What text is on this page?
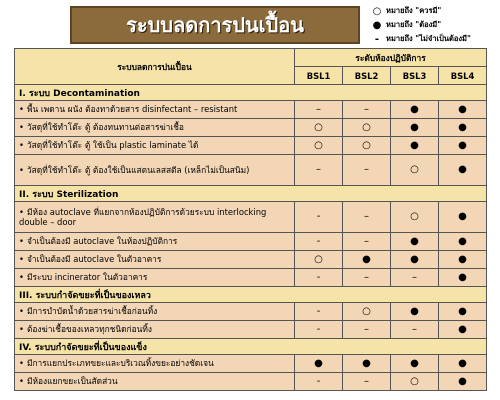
ระบบลดการปนเปื้อน
○ หมายถึง "ควรมี"
● หมายถึง "ต้องมี"
- หมายถึง "ไม่จำเป็นต้องมี"
ระบบลดการปนเปื้อน	ระดับห้องปฏิบัติการ			
	BSL1	BSL2	BSL3	BSL4
I. ระบบ Decontamination				
• พื้น เพดาน ผนัง ต้องทาด้วยสาร disinfectant – resistant	–	–	●	●
• วัสดุที่ใช้ทำโต๊ะ ตู้ ต้องทนทานต่อสารฆ่าเชื้อ	○	○	●	●
• วัสดุที่ใช้ทำโต๊ะ ตู้ ใช้เป็น plastic laminate ได้	○	○	●	●
• วัสดุที่ใช้ทำโต๊ะ ตู้ ต้องใช้เป็นแสตนเลสสตีล (เหล็กไม่เป็นสนิม)	–	–	○	●
II. ระบบ Sterilization				
• มีห้อง autoclave ที่แยกจากห้องปฏิบัติการด้วยระบบ interlocking double – door	-	–	○	●
• จำเป็นต้องมี autoclave ในห้องปฏิบัติการ	-	–	●	●
• จำเป็นต้องมี autoclave ในตัวอาคาร	○	●	●	●
• มีระบบ incinerator ในตัวอาคาร	-	–	–	●
III. ระบบกำจัดขยะที่เป็นของเหลว				
• มีการบำบัดน้ำด้วยสารฆ่าเชื้อก่อนทิ้ง	-	○	●	●
• ต้องฆ่าเชื้อของเหลวทุกชนิดก่อนทิ้ง	-	–	–	●
IV. ระบบกำจัดขยะที่เป็นของแข็ง				
• มีการแยกประเภทขยะและบริเวณทิ้งขยะอย่างชัดเจน	●	●	●	●
• มีห้องแยกขยะเป็นสัดส่วน	-	–	○	●
